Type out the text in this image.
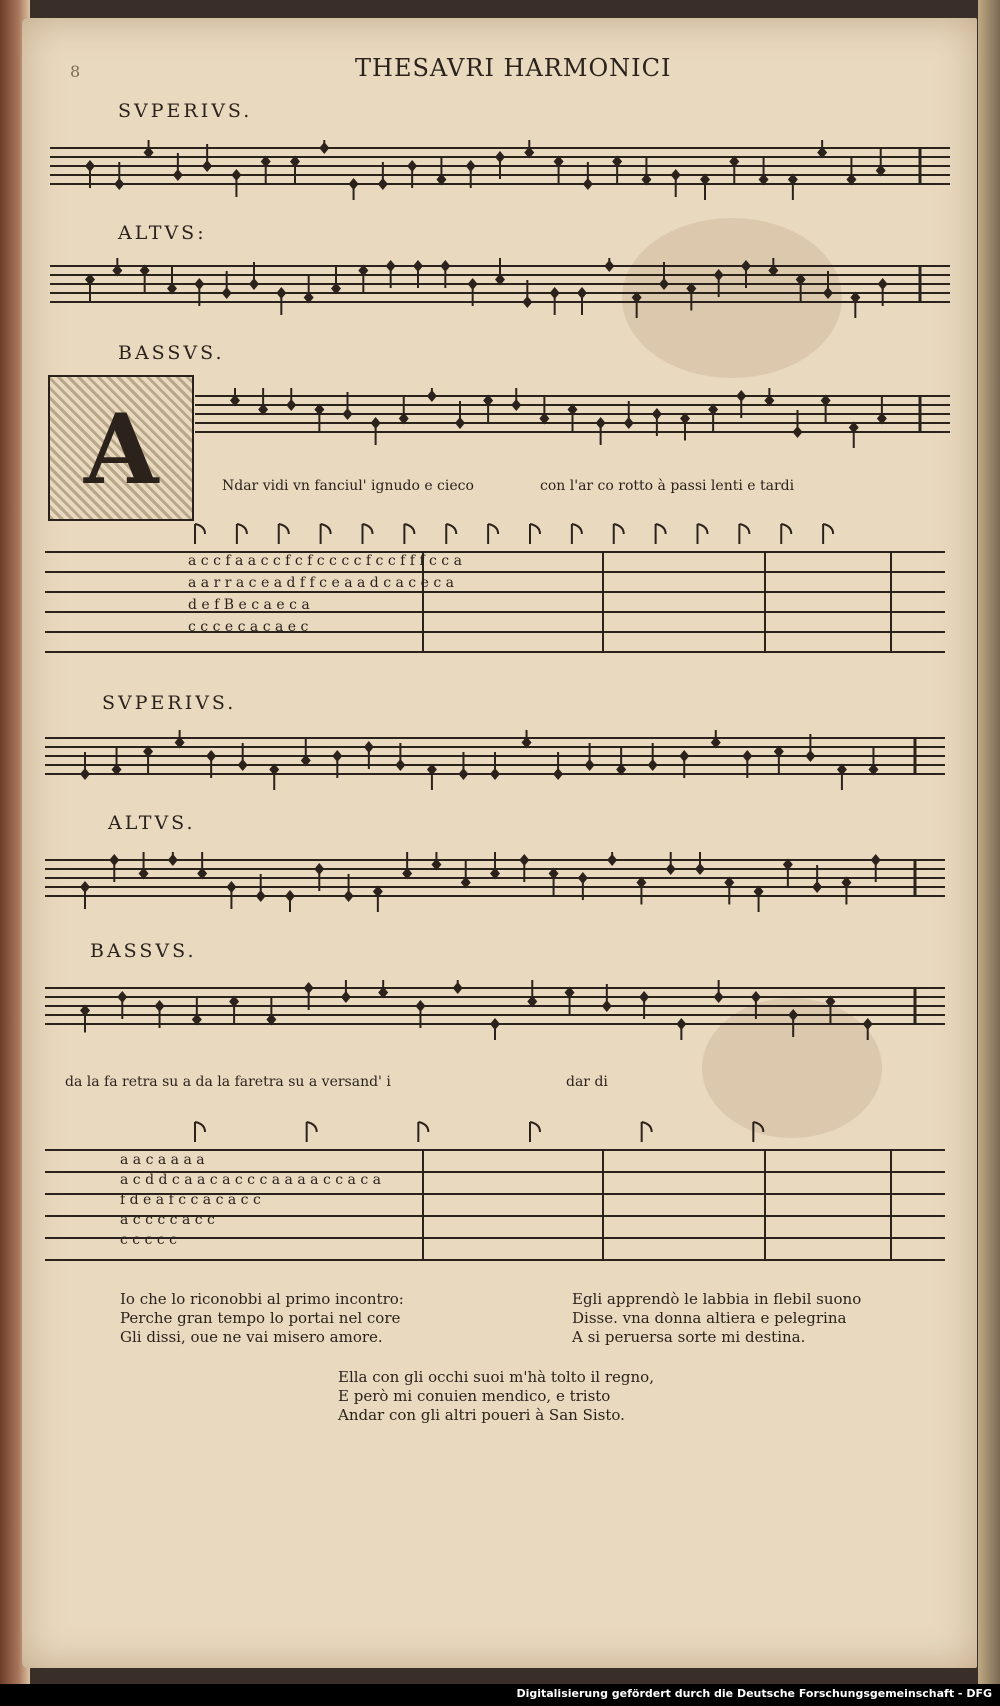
8	THESAVRI HARMONICI
SVPERIVS.
ALTVS:
BASSVS.
A	Ndar vidi vn fanciul' ignudo e cieco	con l'ar co rotto à passi lenti e tardi
a c c f a a c c f c f c c c c f c c f f f c c a
a a r r a c e a d f f c e a a d c a c e c a
d e f B e c a e c a
c c c e c a c a e c
SVPERIVS.
ALTVS.
BASSVS.
da la fa retra su a da la faretra su a versand' i	dar di
a a c a a a a
a c d d c a a c a c c c a a a a c c a c a
f d e a f c c a c a c c
a c c c c a c c
c c c c c
Io che lo riconobbi al primo incontro:
Perche gran tempo lo portai nel core
Gli dissi, oue ne vai misero amore.
Egli apprendò le labbia in flebil suono
Disse. vna donna altiera e pelegrina
A si peruersa sorte mi destina.
Ella con gli occhi suoi m'hà tolto il regno,
E però mi conuien mendico, e tristo
Andar con gli altri poueri à San Sisto.
Digitalisierung gefördert durch die Deutsche Forschungsgemeinschaft - DFG
